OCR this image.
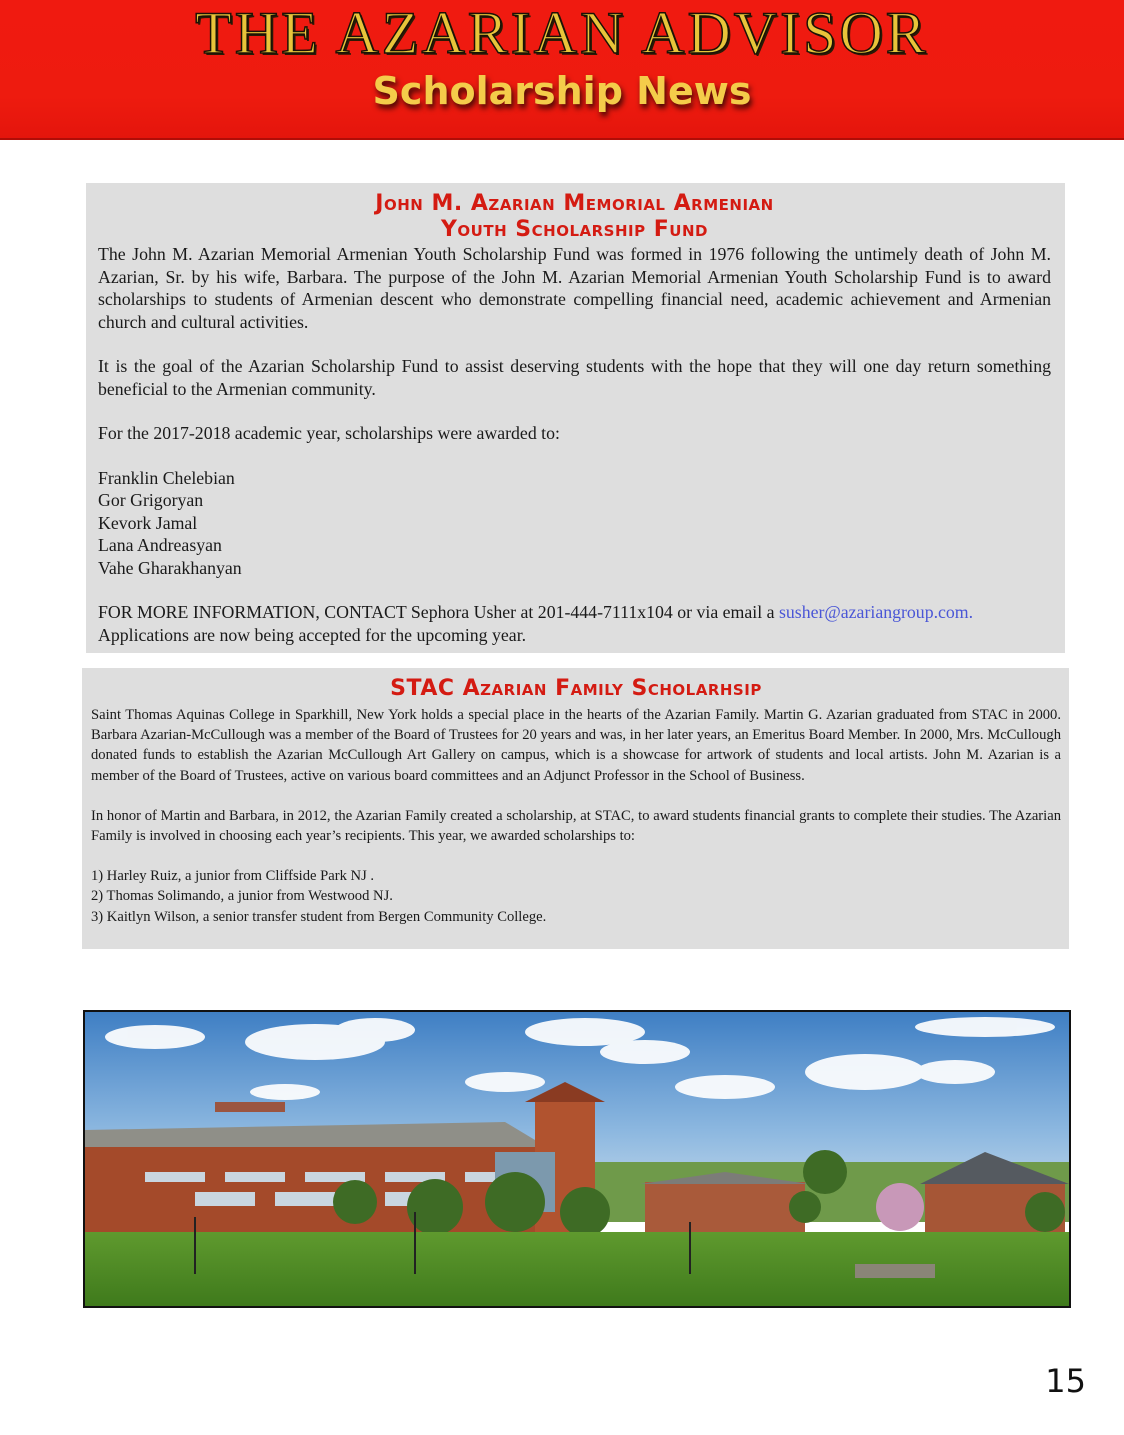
THE AZARIAN ADVISOR
Scholarship News
John M. Azarian Memorial Armenian
Youth Scholarship Fund

The John M. Azarian Memorial Armenian Youth Scholarship Fund was formed in 1976 following the untimely death of John M. Azarian, Sr. by his wife, Barbara. The purpose of the John M. Azarian Memorial Armenian Youth Scholarship Fund is to award scholarships to students of Armenian descent who demonstrate compelling financial need, academic achievement and Armenian church and cultural activities.

It is the goal of the Azarian Scholarship Fund to assist deserving students with the hope that they will one day return something beneficial to the Armenian community.

For the 2017-2018 academic year, scholarships were awarded to:

Franklin Chelebian
Gor Grigoryan
Kevork Jamal
Lana Andreasyan
Vahe Gharakhanyan

FOR MORE INFORMATION, CONTACT Sephora Usher at 201-444-7111x104 or via email a susher@azariangroup.com.

Applications are now being accepted for the upcoming year.

STAC Azarian Family Scholarhsip

Saint Thomas Aquinas College in Sparkhill, New York holds a special place in the hearts of the Azarian Family. Martin G. Azarian graduated from STAC in 2000. Barbara Azarian-McCullough was a member of the Board of Trustees for 20 years and was, in her later years, an Emeritus Board Member. In 2000, Mrs. McCullough donated funds to establish the Azarian McCullough Art Gallery on campus, which is a showcase for artwork of students and local artists. John M. Azarian is a member of the Board of Trustees, active on various board committees and an Adjunct Professor in the School of Business.

In honor of Martin and Barbara, in 2012, the Azarian Family created a scholarship, at STAC, to award students financial grants to complete their studies. The Azarian Family is involved in choosing each year’s recipients. This year, we awarded scholarships to:

1) Harley Ruiz, a junior from Cliffside Park NJ .
2) Thomas Solimando, a junior from Westwood NJ.
3) Kaitlyn Wilson, a senior transfer student from Bergen Community College.
15
